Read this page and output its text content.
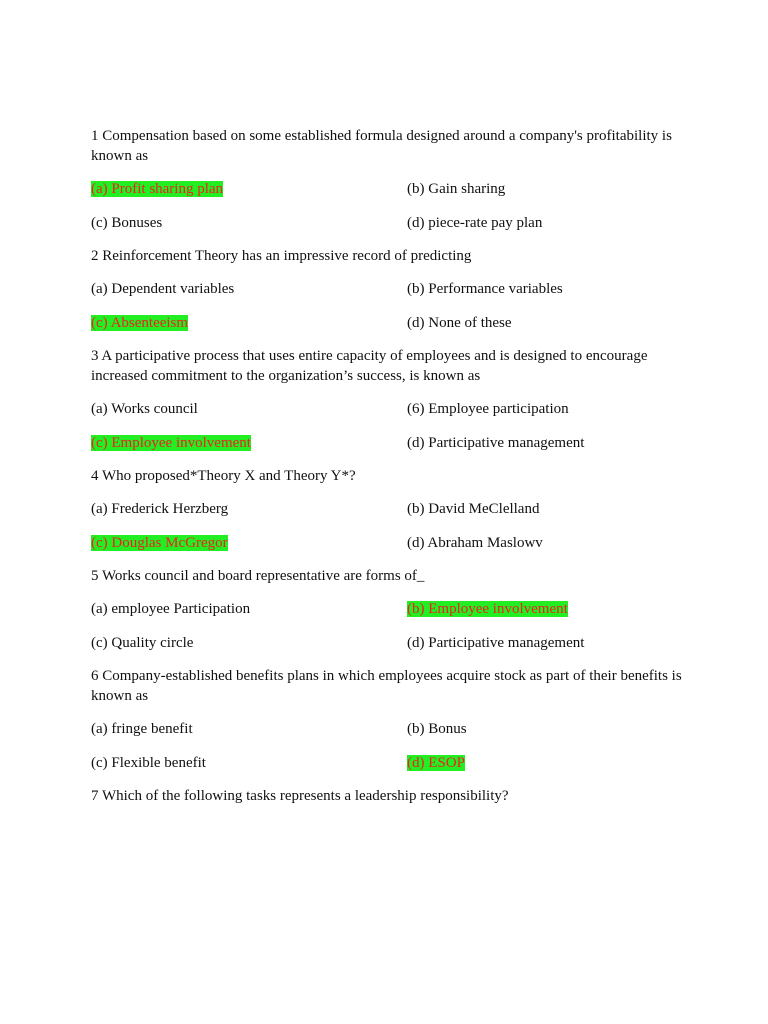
1 Compensation based on some established formula designed around a company's profitability is known as

(a) Profit sharing plan	(b) Gain sharing
(c) Bonuses	(d) piece-rate pay plan

2 Reinforcement Theory has an impressive record of predicting

(a) Dependent variables	(b) Performance variables
(c) Absenteeism	(d) None of these

3 A participative process that uses entire capacity of employees and is designed to encourage increased commitment to the organization’s success, is known as

(a) Works council	(6) Employee participation
(c) Employee involvement	(d) Participative management

4 Who proposed*Theory X and Theory Y*?

(a) Frederick Herzberg	(b) David MeClelland
(c) Douglas McGregor	(d) Abraham Maslowv

5 Works council and board representative are forms of_

(a) employee Participation	(b) Employee involvement
(c) Quality circle	(d) Participative management

6 Company-established benefits plans in which employees acquire stock as part of their benefits is known as

(a) fringe benefit	(b) Bonus
(c) Flexible benefit	(d) ESOP

7 Which of the following tasks represents a leadership responsibility?
